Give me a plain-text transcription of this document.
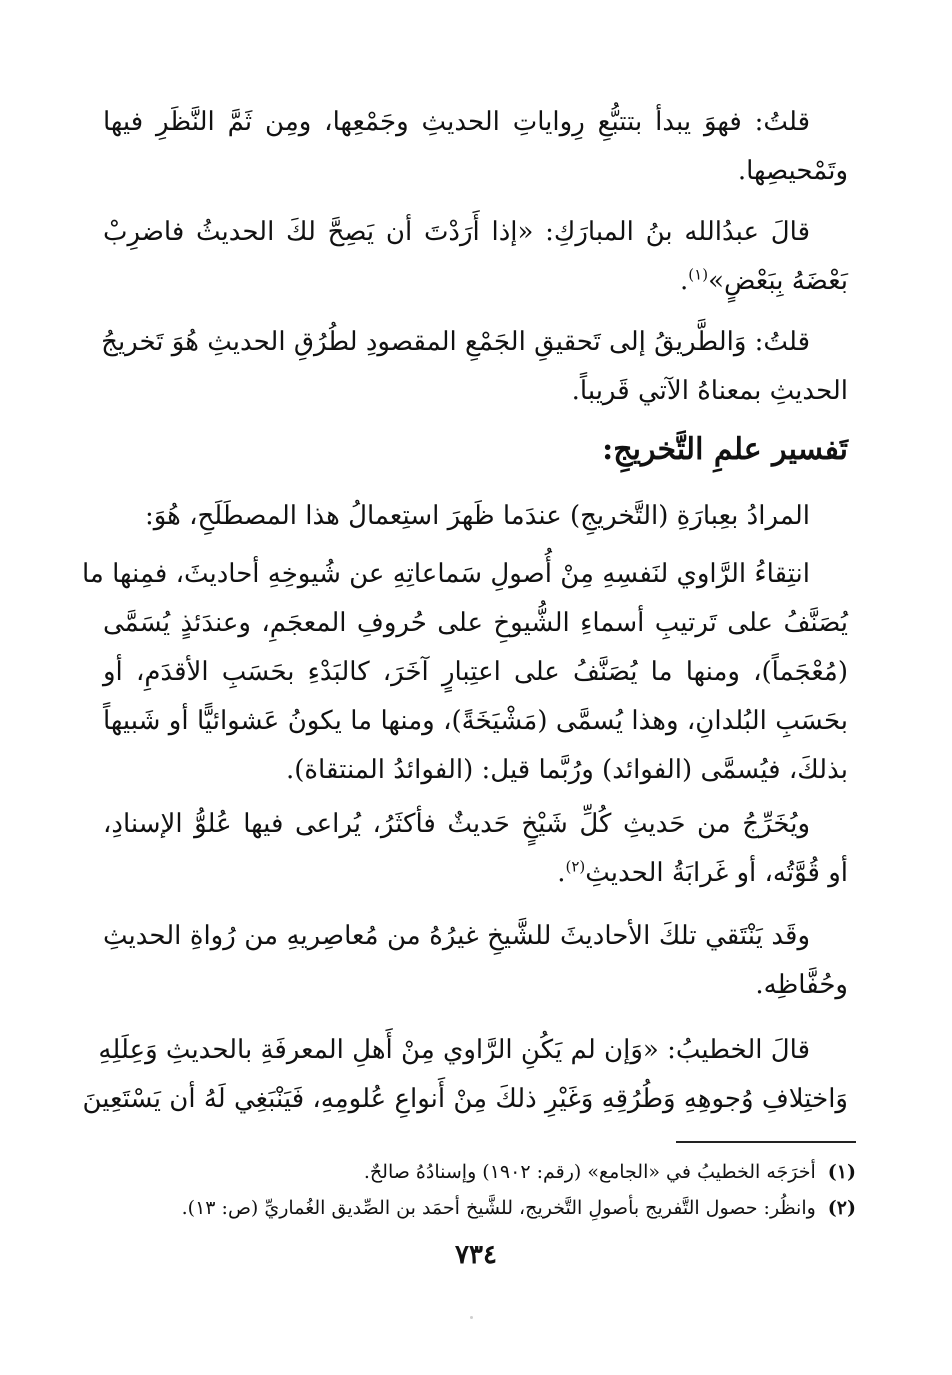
قلتُ: فهوَ يبدأ بتتبُّعِ رِواياتِ الحديثِ وجَمْعِها، ومِن ثَمَّ النَّظَرِ فيها
وتَمْحيصِها.
قالَ عبدُالله بنُ المبارَكِ: «إذا أَرَدْتَ أن يَصِحَّ لكَ الحديثُ فاضرِبْ
بَعْضَهُ بِبَعْضٍ»$^{(١)}$.
قلتُ: وَالطَّريقُ إلى تَحقيقِ الجَمْعِ المقصودِ لطُرُقِ الحديثِ هُوَ تَخريجُ
الحديثِ بمعناهُ الآتي قَريباً.
تَفسير علمِ التَّخريجِ:
المرادُ بعِبارَةِ (التَّخريجِ) عندَما ظَهرَ استِعمالُ هذا المصطَلَحِ، هُوَ:
انتِقاءُ الرَّاوي لنَفسِهِ مِنْ أُصولِ سَماعاتِهِ عن شُيوخِهِ أحاديثَ، فمِنها ما
يُصَنَّفُ على تَرتيبِ أسماءِ الشُّيوخِ على حُروفِ المعجَمِ، وعندَئذٍ يُسَمَّى
(مُعْجَماً)، ومنها ما يُصَنَّفُ على اعتِبارٍ آخَرَ، كالبَدْءِ بحَسَبِ الأقدَمِ، أو
بحَسَبِ البُلدانِ، وهذا يُسمَّى (مَشْيَخَةً)، ومنها ما يكونُ عَشوائيًّا أو شَبيهاً
بذلكَ، فيُسمَّى (الفوائد) ورُبَّما قيل: (الفوائدُ المنتقاة).
ويُخَرِّجُ من حَديثِ كُلِّ شَيْخٍ حَديثٌ فأكثَرُ، يُراعى فيها عُلوُّ الإسنادِ،
أو قُوَّتُه، أو غَرابَةُ الحديثِ$^{(٢)}$.
وقَد يَنْتَقي تلكَ الأحاديثَ للشَّيخِ غيرُهُ من مُعاصِريهِ من رُواةِ الحديثِ
وحُفَّاظِه.
قالَ الخطيبُ: «وَإن لم يَكُنِ الرَّاوي مِنْ أَهلِ المعرفَةِ بالحديثِ وَعِلَلِهِ
وَاختِلافِ وُجوهِهِ وَطُرُقِهِ وَغَيْرِ ذلكَ مِنْ أَنواعِ عُلومِهِ، فَيَنْبَغِي لَهُ أن يَسْتَعِينَ
(١)أخرَجَه الخطيبُ في «الجامع» (رقم: ١٩٠٢) وإسنادُهُ صالحٌ.
(٢)وانظُر: حصول التَّفريج بأصولِ التَّخريج، للشَّيخ أحمَد بن الصِّديق الغُماريِّ (ص: ١٣).
٧٣٤
